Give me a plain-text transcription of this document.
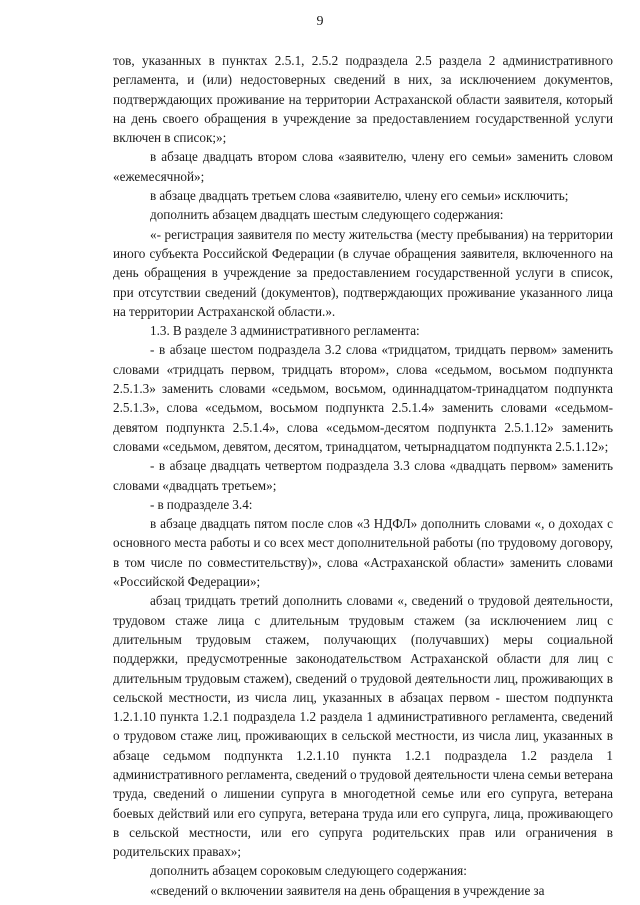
9

тов, указанных в пунктах 2.5.1, 2.5.2 подраздела 2.5 раздела 2 административного регламента, и (или) недостоверных сведений в них, за исключением документов, подтверждающих проживание на территории Астраханской области заявителя, который на день своего обращения в учреждение за предоставлением государственной услуги включен в список;»;

в абзаце двадцать втором слова «заявителю, члену его семьи» заменить словом «ежемесячной»;

в абзаце двадцать третьем слова «заявителю, члену его семьи» исключить;

дополнить абзацем двадцать шестым следующего содержания:

«- регистрация заявителя по месту жительства (месту пребывания) на территории иного субъекта Российской Федерации (в случае обращения заявителя, включенного на день обращения в учреждение за предоставлением государственной услуги в список, при отсутствии сведений (документов), подтверждающих проживание указанного лица на территории Астраханской области.».

1.3. В разделе 3 административного регламента:

- в абзаце шестом подраздела 3.2 слова «тридцатом, тридцать первом» заменить словами «тридцать первом, тридцать втором», слова «седьмом, восьмом подпункта 2.5.1.3» заменить словами «седьмом, восьмом, одиннадцатом-тринадцатом подпункта 2.5.1.3», слова «седьмом, восьмом подпункта 2.5.1.4» заменить словами «седьмом-девятом подпункта 2.5.1.4», слова «седьмом-десятом подпункта 2.5.1.12» заменить словами «седьмом, девятом, десятом, тринадцатом, четырнадцатом подпункта 2.5.1.12»;

- в абзаце двадцать четвертом подраздела 3.3 слова «двадцать первом» заменить словами «двадцать третьем»;

- в подразделе 3.4:

в абзаце двадцать пятом после слов «3 НДФЛ» дополнить словами «, о доходах с основного места работы и со всех мест дополнительной работы (по трудовому договору, в том числе по совместительству)», слова «Астраханской области» заменить словами «Российской Федерации»;

абзац тридцать третий дополнить словами «, сведений о трудовой деятельности, трудовом стаже лица с длительным трудовым стажем (за исключением лиц с длительным трудовым стажем, получающих (получавших) меры социальной поддержки, предусмотренные законодательством Астраханской области для лиц с длительным трудовым стажем), сведений о трудовой деятельности лиц, проживающих в сельской местности, из числа лиц, указанных в абзацах первом - шестом подпункта 1.2.1.10 пункта 1.2.1 подраздела 1.2 раздела 1 административного регламента, сведений о трудовом стаже лиц, проживающих в сельской местности, из числа лиц, указанных в абзаце седьмом подпункта 1.2.1.10 пункта 1.2.1 подраздела 1.2 раздела 1 административного регламента, сведений о трудовой деятельности члена семьи ветерана труда, сведений о лишении супруга в многодетной семье или его супруга, ветерана боевых действий или его супруга, ветерана труда или его супруга, лица, проживающего в сельской местности, или его супруга родительских прав или ограничения в родительских правах»;

дополнить абзацем сороковым следующего содержания:

«сведений о включении заявителя на день обращения в учреждение за
